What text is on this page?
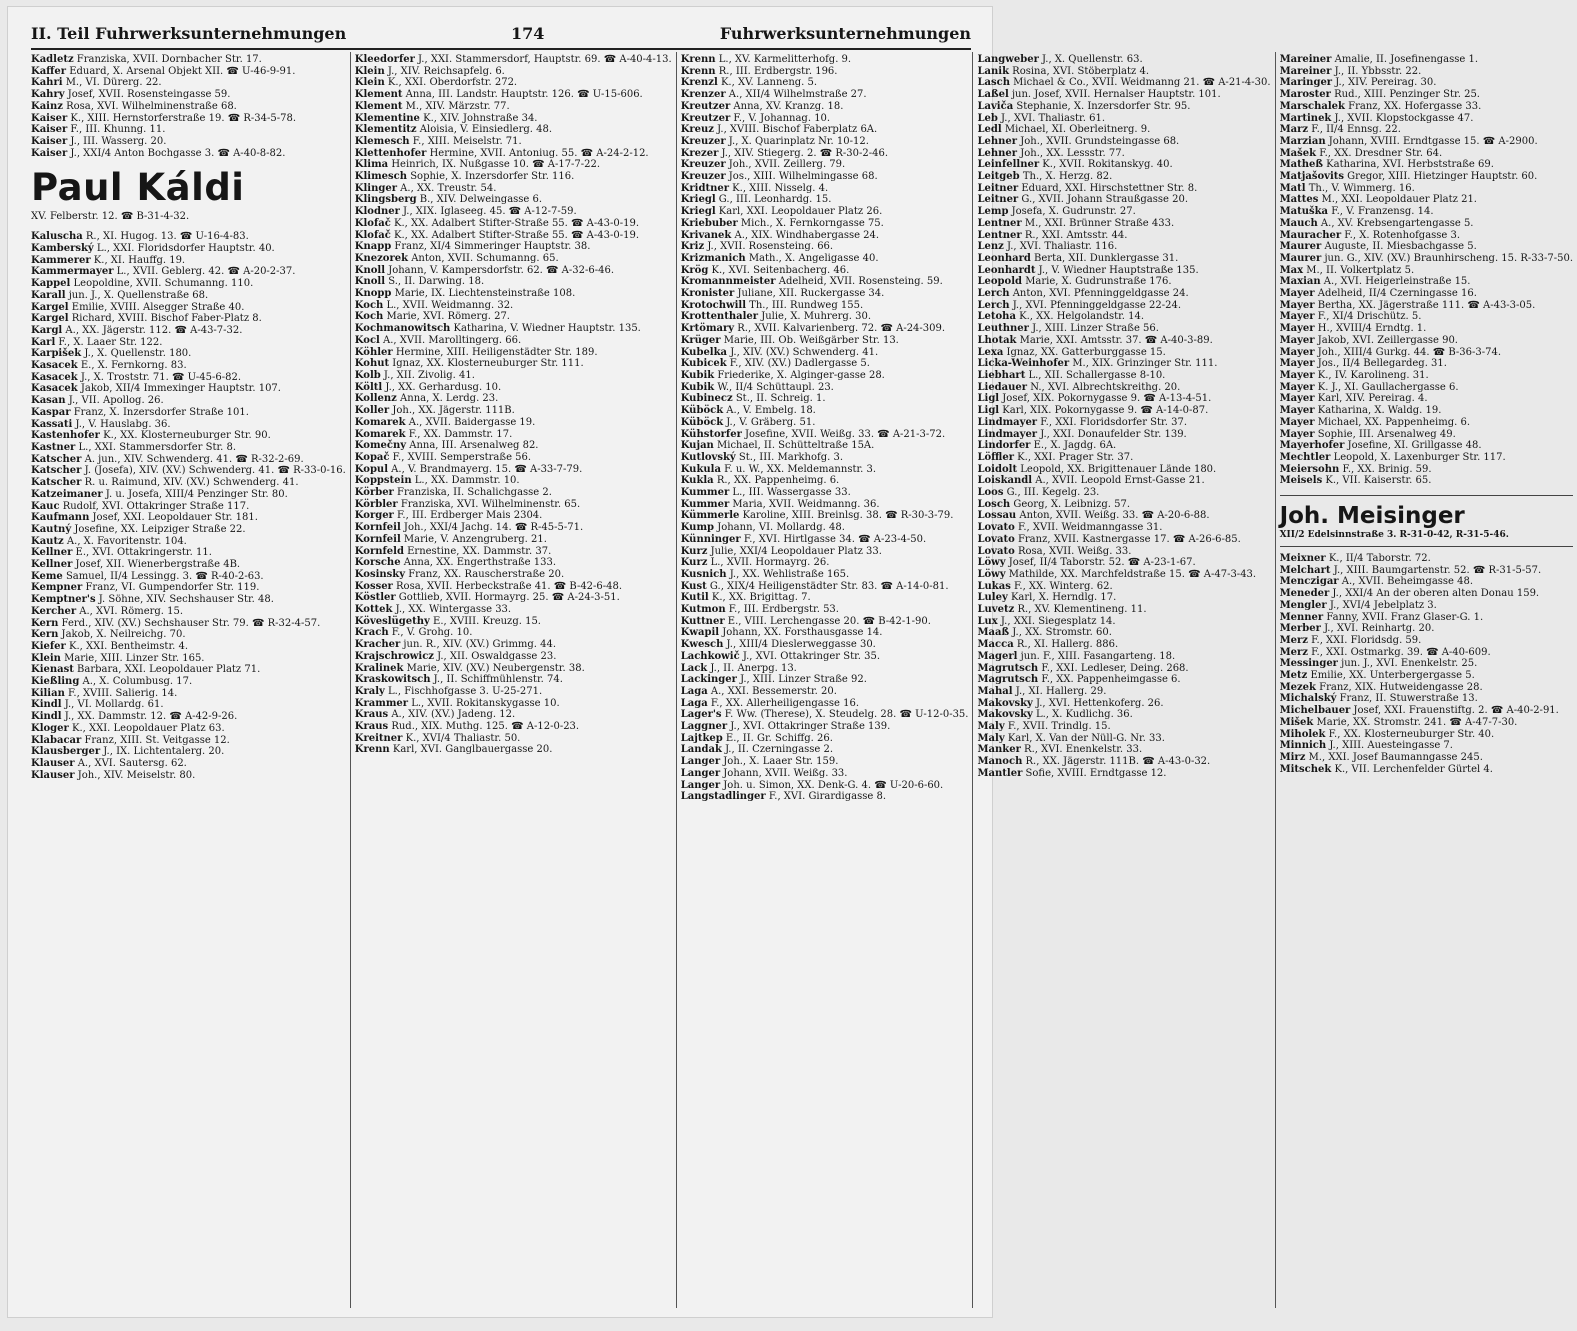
II. Teil Fuhrwerksunternehmungen	174	Fuhrwerksunternehmungen
Kadletz Franziska, XVII. Dornbacher Str. 17.
Kaffer Eduard, X. Arsenal Objekt XII. ☎ U-46-9-91.
Kahri M., VI. Dürerg. 22.
Kahry Josef, XVII. Rosensteingasse 59.
Kainz Rosa, XVI. Wilhelminenstraße 68.
Kaiser K., XIII. Hernstorferstraße 19. ☎ R-34-5-78.
Kaiser F., III. Khunng. 11.
Kaiser J., III. Wasserg. 20.
Kaiser J., XXI/4 Anton Bochgasse 3. ☎ A-40-8-82.
Paul Káldi
XV. Felberstr. 12. ☎ B-31-4-32.
Kaluscha R., XI. Hugog. 13. ☎ U-16-4-83.
Kamberský L., XXI. Floridsdorfer Hauptstr. 40.
Kammerer K., XI. Hauffg. 19.
Kammermayer L., XVII. Geblerg. 42. ☎ A-20-2-37.
Kappel Leopoldine, XVII. Schumanng. 110.
Karall jun. J., X. Quellenstraße 68.
Kargel Emilie, XVIII. Alsegger Straße 40.
Kargel Richard, XVIII. Bischof Faber-Platz 8.
Kargl A., XX. Jägerstr. 112. ☎ A-43-7-32.
Karl F., X. Laaer Str. 122.
Karpišek J., X. Quellenstr. 180.
Kasacek E., X. Fernkorng. 83.
Kasacek J., X. Troststr. 71. ☎ U-45-6-82.
Kasacek Jakob, XII/4 Immexinger Hauptstr. 107.
Kasan J., VII. Apollog. 26.
Kaspar Franz, X. Inzersdorfer Straße 101.
Kassati J., V. Hauslabg. 36.
Kastenhofer K., XX. Klosterneuburger Str. 90.
Kastner L., XXI. Stammersdorfer Str. 8.
Katscher A. jun., XIV. Schwenderg. 41. ☎ R-32-2-69.
Katscher J. (Josefa), XIV. (XV.) Schwenderg. 41. ☎ R-33-0-16.
Katscher R. u. Raimund, XIV. (XV.) Schwenderg. 41.
Katzeimaner J. u. Josefa, XIII/4 Penzinger Str. 80.
Kauc Rudolf, XVI. Ottakringer Straße 117.
Kaufmann Josef, XXI. Leopoldauer Str. 181.
Kautný Josefine, XX. Leipziger Straße 22.
Kautz A., X. Favoritenstr. 104.
Kellner E., XVI. Ottakringerstr. 11.
Kellner Josef, XII. Wienerbergstraße 4B.
Keme Samuel, II/4 Lessingg. 3. ☎ R-40-2-63.
Kempner Franz, VI. Gumpendorfer Str. 119.
Kemptner's J. Söhne, XIV. Sechshauser Str. 48.
Kercher A., XVI. Römerg. 15.
Kern Ferd., XIV. (XV.) Sechshauser Str. 79. ☎ R-32-4-57.
Kern Jakob, X. Neilreichg. 70.
Kiefer K., XXI. Bentheimstr. 4.
Klein Marie, XIII. Linzer Str. 165.
Kienast Barbara, XXI. Leopoldauer Platz 71.
Kießling A., X. Columbusg. 17.
Kilian F., XVIII. Salierig. 14.
Kindl J., VI. Mollardg. 61.
Kindl J., XX. Dammstr. 12. ☎ A-42-9-26.
Kloger K., XXI. Leopoldauer Platz 63.
Klabacar Franz, XIII. St. Veitgasse 12.
Klausberger J., IX. Lichtentalerg. 20.
Klauser A., XVI. Sautersg. 62.
Klauser Joh., XIV. Meiselstr. 80.
Kleedorfer J., XXI. Stammersdorf, Hauptstr. 69. ☎ A-40-4-13.
Klein J., XIV. Reichsapfelg. 6.
Klein K., XXI. Oberdorfstr. 272.
Klement Anna, III. Landstr. Hauptstr. 126. ☎ U-15-606.
Klement M., XIV. Märzstr. 77.
Klementine K., XIV. Johnstraße 34.
Klementitz Aloisia, V. Einsiedlerg. 48.
Klemesch F., XIII. Meiselstr. 71.
Klettenhofer Hermine, XVII. Antoniug. 55. ☎ A-24-2-12.
Klima Heinrich, IX. Nußgasse 10. ☎ A-17-7-22.
Klimesch Sophie, X. Inzersdorfer Str. 116.
Klinger A., XX. Treustr. 54.
Klingsberg B., XIV. Delweingasse 6.
Klodner J., XIX. Iglaseeg. 45. ☎ A-12-7-59.
Klofač K., XX. Adalbert Stifter-Straße 55. ☎ A-43-0-19.
Klofač K., XX. Adalbert Stifter-Straße 55. ☎ A-43-0-19.
Knapp Franz, XI/4 Simmeringer Hauptstr. 38.
Knezorek Anton, XVII. Schumanng. 65.
Knoll Johann, V. Kampersdorfstr. 62. ☎ A-32-6-46.
Knoll S., II. Darwing. 18.
Knopp Marie, IX. Liechtensteinstraße 108.
Koch L., XVII. Weidmanng. 32.
Koch Marie, XVI. Römerg. 27.
Kochmanowitsch Katharina, V. Wiedner Hauptstr. 135.
Kocl A., XVII. Marolltingerg. 66.
Köhler Hermine, XIII. Heiligenstädter Str. 189.
Kohut Ignaz, XX. Klosterneuburger Str. 111.
Kolb J., XII. Zivolig. 41.
Költl J., XX. Gerhardusg. 10.
Kollenz Anna, X. Lerdg. 23.
Koller Joh., XX. Jägerstr. 111B.
Komarek A., XVII. Baidergasse 19.
Komarek F., XX. Dammstr. 17.
Komečny Anna, III. Arsenalweg 82.
Kopač F., XVIII. Semperstraße 56.
Kopul A., V. Brandmayerg. 15. ☎ A-33-7-79.
Koppstein L., XX. Dammstr. 10.
Körber Franziska, II. Schalichgasse 2.
Körbler Franziska, XVI. Wilhelminenstr. 65.
Korger F., III. Erdberger Mais 2304.
Kornfeil Joh., XXI/4 Jachg. 14. ☎ R-45-5-71.
Kornfeil Marie, V. Anzengruberg. 21.
Kornfeld Ernestine, XX. Dammstr. 37.
Korsche Anna, XX. Engerthstraße 133.
Kosinsky Franz, XX. Rauscherstraße 20.
Kosser Rosa, XVII. Herbeckstraße 41. ☎ B-42-6-48.
Köstler Gottlieb, XVII. Hormayrg. 25. ☎ A-24-3-51.
Kottek J., XX. Wintergasse 33.
Köveslügethy E., XVIII. Kreuzg. 15.
Krach F., V. Grohg. 10.
Kracher jun. R., XIV. (XV.) Grimmg. 44.
Krajschrowicz J., XII. Oswaldgasse 23.
Kralinek Marie, XIV. (XV.) Neubergenstr. 38.
Kraskowitsch J., II. Schiffmühlenstr. 74.
Kraly L., Fischhofgasse 3. U-25-271.
Krammer L., XVII. Rokitanskygasse 10.
Kraus A., XIV. (XV.) Jadeng. 12.
Kraus Rud., XIX. Muthg. 125. ☎ A-12-0-23.
Kreitner K., XVI/4 Thaliastr. 50.
Krenn Karl, XVI. Ganglbauergasse 20.
Krenn L., XV. Karmelitterhofg. 9.
Krenn R., III. Erdbergstr. 196.
Krenzl K., XV. Lanneng. 5.
Krenzer A., XII/4 Wilhelmstraße 27.
Kreutzer Anna, XV. Kranzg. 18.
Kreutzer F., V. Johannag. 10.
Kreuz J., XVIII. Bischof Faberplatz 6A.
Kreuzer J., X. Quarinplatz Nr. 10-12.
Krezer J., XIV. Stiegerg. 2. ☎ R-30-2-46.
Kreuzer Joh., XVII. Zeillerg. 79.
Kreuzer Jos., XIII. Wilhelmingasse 68.
Kridtner K., XIII. Nisselg. 4.
Kriegl G., III. Leonhardg. 15.
Kriegl Karl, XXI. Leopoldauer Platz 26.
Kriebuber Mich., X. Fernkorngasse 75.
Krivanek A., XIX. Windhabergasse 24.
Kriz J., XVII. Rosensteing. 66.
Krizmanich Math., X. Angeligasse 40.
Krög K., XVI. Seitenbacherg. 46.
Kromannmeister Adelheid, XVII. Rosensteing. 59.
Kronister Juliane, XII. Ruckergasse 34.
Krotochwill Th., III. Rundweg 155.
Krottenthaler Julie, X. Muhrerg. 30.
Krtömary R., XVII. Kalvarienberg. 72. ☎ A-24-309.
Krüger Marie, III. Ob. Weißgärber Str. 13.
Kubelka J., XIV. (XV.) Schwenderg. 41.
Kubicek F., XIV. (XV.) Dadlergasse 5.
Kubik Friederike, X. Alginger-gasse 28.
Kubik W., II/4 Schüttaupl. 23.
Kubinecz St., II. Schreig. 1.
Küböck A., V. Embelg. 18.
Küböck J., V. Gräberg. 51.
Kühstorfer Josefine, XVII. Weißg. 33. ☎ A-21-3-72.
Kujan Michael, II. Schütteltraße 15A.
Kutlovský St., III. Markhofg. 3.
Kukula F. u. W., XX. Meldemannstr. 3.
Kukla R., XX. Pappenheimg. 6.
Kummer L., III. Wassergasse 33.
Kummer Maria, XVII. Weidmanng. 36.
Kümmerle Karoline, XIII. Breinlsg. 38. ☎ R-30-3-79.
Kump Johann, VI. Mollardg. 48.
Künninger F., XVI. Hirtlgasse 34. ☎ A-23-4-50.
Kurz Julie, XXI/4 Leopoldauer Platz 33.
Kurz L., XVII. Hormayrg. 26.
Kusnich J., XX. Wehlistraße 165.
Kust G., XIX/4 Heiligenstädter Str. 83. ☎ A-14-0-81.
Kutil K., XX. Brigittag. 7.
Kutmon F., III. Erdbergstr. 53.
Kuttner E., VIII. Lerchengasse 20. ☎ B-42-1-90.
Kwapil Johann, XX. Forsthausgasse 14.
Kwesch J., XIII/4 Dieslerweggasse 30.
Lachkowič J., XVI. Ottakringer Str. 35.
Lack J., II. Anerpg. 13.
Lackinger J., XIII. Linzer Straße 92.
Laga A., XXI. Bessemerstr. 20.
Laga F., XX. Allerheiligengasse 16.
Lager's F. Ww. (Therese), X. Steudelg. 28. ☎ U-12-0-35.
Laggner J., XVI. Ottakringer Straße 139.
Lajtkep E., II. Gr. Schiffg. 26.
Landak J., II. Czerningasse 2.
Langer Joh., X. Laaer Str. 159.
Langer Johann, XVII. Weißg. 33.
Langer Joh. u. Simon, XX. Denk-G. 4. ☎ U-20-6-60.
Langstadlinger F., XVI. Girardigasse 8.
Langweber J., X. Quellenstr. 63.
Lanik Rosina, XVI. Stöberplatz 4.
Lasch Michael & Co., XVII. Weidmanng 21. ☎ A-21-4-30.
Laßel jun. Josef, XVII. Hernalser Hauptstr. 101.
Laviča Stephanie, X. Inzersdorfer Str. 95.
Leb J., XVI. Thaliastr. 61.
Ledl Michael, XI. Oberleitnerg. 9.
Lehner Joh., XVII. Grundsteingasse 68.
Lehner Joh., XX. Lessstr. 77.
Leinfellner K., XVII. Rokitanskyg. 40.
Leitgeb Th., X. Herzg. 82.
Leitner Eduard, XXI. Hirschstettner Str. 8.
Leitner G., XVII. Johann Straußgasse 20.
Lemp Josefa, X. Gudrunstr. 27.
Lentner M., XXI. Brünner Straße 433.
Lentner R., XXI. Amtsstr. 44.
Lenz J., XVI. Thaliastr. 116.
Leonhard Berta, XII. Dunklergasse 31.
Leonhardt J., V. Wiedner Hauptstraße 135.
Leopold Marie, X. Gudrunstraße 176.
Lerch Anton, XVI. Pfenninggeldgasse 24.
Lerch J., XVI. Pfenninggeldgasse 22-24.
Letoha K., XX. Helgolandstr. 14.
Leuthner J., XIII. Linzer Straße 56.
Lhotak Marie, XXI. Amtsstr. 37. ☎ A-40-3-89.
Lexa Ignaz, XX. Gatterburggasse 15.
Licka-Weinhofer M., XIX. Grinzinger Str. 111.
Liebhart L., XII. Schallergasse 8-10.
Liedauer N., XVI. Albrechtskreithg. 20.
Ligl Josef, XIX. Pokornygasse 9. ☎ A-13-4-51.
Ligl Karl, XIX. Pokornygasse 9. ☎ A-14-0-87.
Lindmayer F., XXI. Floridsdorfer Str. 37.
Lindmayer J., XXI. Donaufelder Str. 139.
Lindorfer E., X. Jagdg. 6A.
Löffler K., XXI. Prager Str. 37.
Loidolt Leopold, XX. Brigittenauer Lände 180.
Loiskandl A., XVII. Leopold Ernst-Gasse 21.
Loos G., III. Kegelg. 23.
Losch Georg, X. Leibnizg. 57.
Lossau Anton, XVII. Weißg. 33. ☎ A-20-6-88.
Lovato F., XVII. Weidmanngasse 31.
Lovato Franz, XVII. Kastnergasse 17. ☎ A-26-6-85.
Lovato Rosa, XVII. Weißg. 33.
Löwy Josef, II/4 Taborstr. 52. ☎ A-23-1-67.
Löwy Mathilde, XX. Marchfeldstraße 15. ☎ A-47-3-43.
Lukas F., XX. Winterg. 62.
Luley Karl, X. Herndlg. 17.
Luvetz R., XV. Klementineng. 11.
Lux J., XXI. Siegesplatz 14.
Maaß J., XX. Stromstr. 60.
Macca R., XI. Hallerg. 886.
Magerl jun. F., XIII. Fasangarteng. 18.
Magrutsch F., XXI. Ledleser, Deing. 268.
Magrutsch F., XX. Pappenheimgasse 6.
Mahal J., XI. Hallerg. 29.
Makovsky J., XVI. Hettenkoferg. 26.
Makovsky L., X. Kudlichg. 36.
Maly F., XVII. Trindlg. 15.
Maly Karl, X. Van der Nüll-G. Nr. 33.
Manker R., XVI. Enenkelstr. 33.
Manoch R., XX. Jägerstr. 111B. ☎ A-43-0-32.
Mantler Sofie, XVIII. Erndtgasse 12.
Mareiner Amalie, II. Josefinengasse 1.
Mareiner J., II. Ybbsstr. 22.
Maringer J., XIV. Pereirag. 30.
Maroster Rud., XIII. Penzinger Str. 25.
Marschalek Franz, XX. Hofergasse 33.
Martinek J., XVII. Klopstockgasse 47.
Marz F., II/4 Ennsg. 22.
Marzian Johann, XVIII. Erndtgasse 15. ☎ A-2900.
Mašek F., XX. Dresdner Str. 64.
Matheß Katharina, XVI. Herbststraße 69.
Matjašovits Gregor, XIII. Hietzinger Hauptstr. 60.
Matl Th., V. Wimmerg. 16.
Mattes M., XXI. Leopoldauer Platz 21.
Matuška F., V. Franzensg. 14.
Mauch A., XV. Krebsengartengasse 5.
Mauracher F., X. Rotenhofgasse 3.
Maurer Auguste, II. Miesbachgasse 5.
Maurer jun. G., XIV. (XV.) Braunhirscheng. 15. R-33-7-50.
Max M., II. Volkertplatz 5.
Maxian A., XVI. Heigerleinstraße 15.
Mayer Adelheid, II/4 Czerningasse 16.
Mayer Bertha, XX. Jägerstraße 111. ☎ A-43-3-05.
Mayer F., XI/4 Drischütz. 5.
Mayer H., XVIII/4 Erndtg. 1.
Mayer Jakob, XVI. Zeillergasse 90.
Mayer Joh., XIII/4 Gurkg. 44. ☎ B-36-3-74.
Mayer Jos., II/4 Bellegardeg. 31.
Mayer K., IV. Karolineng. 31.
Mayer K. J., XI. Gaullachergasse 6.
Mayer Karl, XIV. Pereirag. 4.
Mayer Katharina, X. Waldg. 19.
Mayer Michael, XX. Pappenheimg. 6.
Mayer Sophie, III. Arsenalweg 49.
Mayerhofer Josefine, XI. Grillgasse 48.
Mechtler Leopold, X. Laxenburger Str. 117.
Meiersohn F., XX. Brinig. 59.
Meisels K., VII. Kaiserstr. 65.
Joh. Meisinger
XII/2 Edelsinnstraße 3. R-31-0-42, R-31-5-46.
Meixner K., II/4 Taborstr. 72.
Melchart J., XIII. Baumgartenstr. 52. ☎ R-31-5-57.
Menczigar A., XVII. Beheimgasse 48.
Meneder J., XXI/4 An der oberen alten Donau 159.
Mengler J., XVI/4 Jebelplatz 3.
Menner Fanny, XVII. Franz Glaser-G. 1.
Merber J., XVI. Reinhartg. 20.
Merz F., XXI. Floridsdg. 59.
Merz F., XXI. Ostmarkg. 39. ☎ A-40-609.
Messinger jun. J., XVI. Enenkelstr. 25.
Metz Emilie, XX. Unterbergergasse 5.
Mezek Franz, XIX. Hutweidengasse 28.
Michalský Franz, II. Stuwerstraße 13.
Michelbauer Josef, XXI. Frauenstiftg. 2. ☎ A-40-2-91.
Mišek Marie, XX. Stromstr. 241. ☎ A-47-7-30.
Miholek F., XX. Klosterneuburger Str. 40.
Minnich J., XIII. Auesteingasse 7.
Mirz M., XXI. Josef Baumanngasse 245.
Mitschek K., VII. Lerchenfelder Gürtel 4.
